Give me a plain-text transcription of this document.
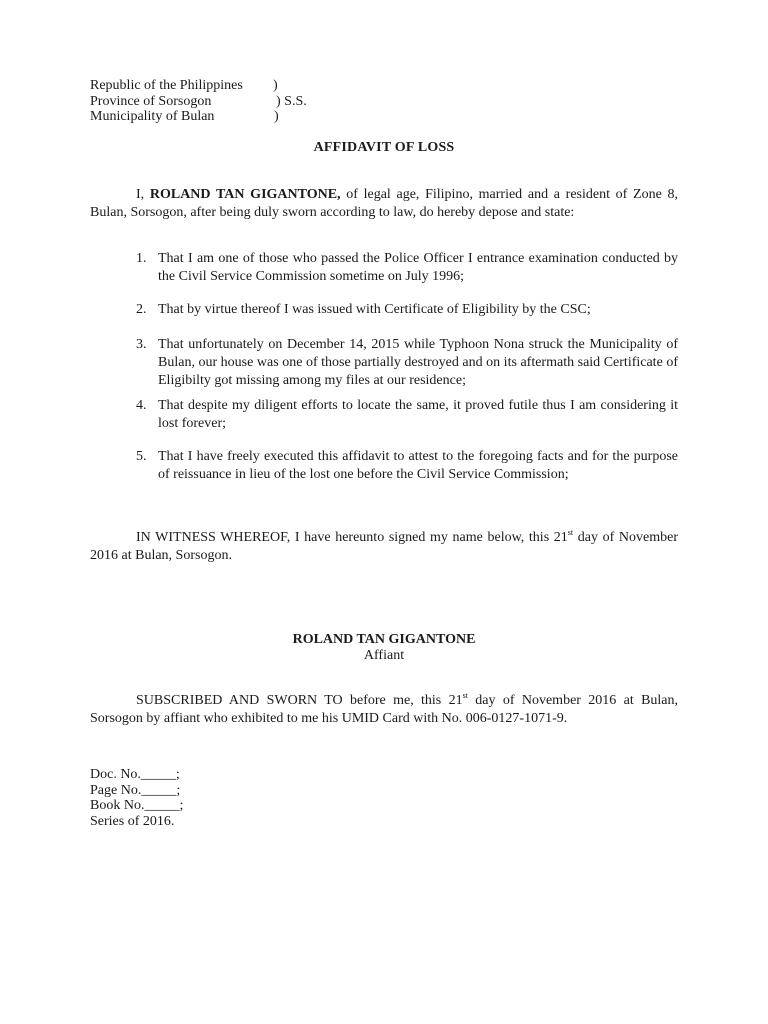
Republic of the Philippines )
Province of Sorsogon	) S.S.
Municipality of Bulan	)
AFFIDAVIT OF LOSS

I, ROLAND TAN GIGANTONE, of legal age, Filipino, married and a resident of Zone 8, Bulan, Sorsogon, after being duly sworn according to law, do hereby depose and state:

1. That I am one of those who passed the Police Officer I entrance examination conducted by the Civil Service Commission sometime on July 1996;
2. That by virtue thereof I was issued with Certificate of Eligibility by the CSC;
3. That unfortunately on December 14, 2015 while Typhoon Nona struck the Municipality of Bulan, our house was one of those partially destroyed and on its aftermath said Certificate of Eligibilty got missing among my files at our residence;
4. That despite my diligent efforts to locate the same, it proved futile thus I am considering it lost forever;
5. That I have freely executed this affidavit to attest to the foregoing facts and for the purpose of reissuance in lieu of the lost one before the Civil Service Commission;

IN WITNESS WHEREOF, I have hereunto signed my name below, this 21st day of November 2016 at Bulan, Sorsogon.

ROLAND TAN GIGANTONE
Affiant

SUBSCRIBED AND SWORN TO before me, this 21st day of November 2016 at Bulan, Sorsogon by affiant who exhibited to me his UMID Card with No. 006-0127-1071-9.

Doc. No._____;
Page No._____;
Book No._____;
Series of 2016.
